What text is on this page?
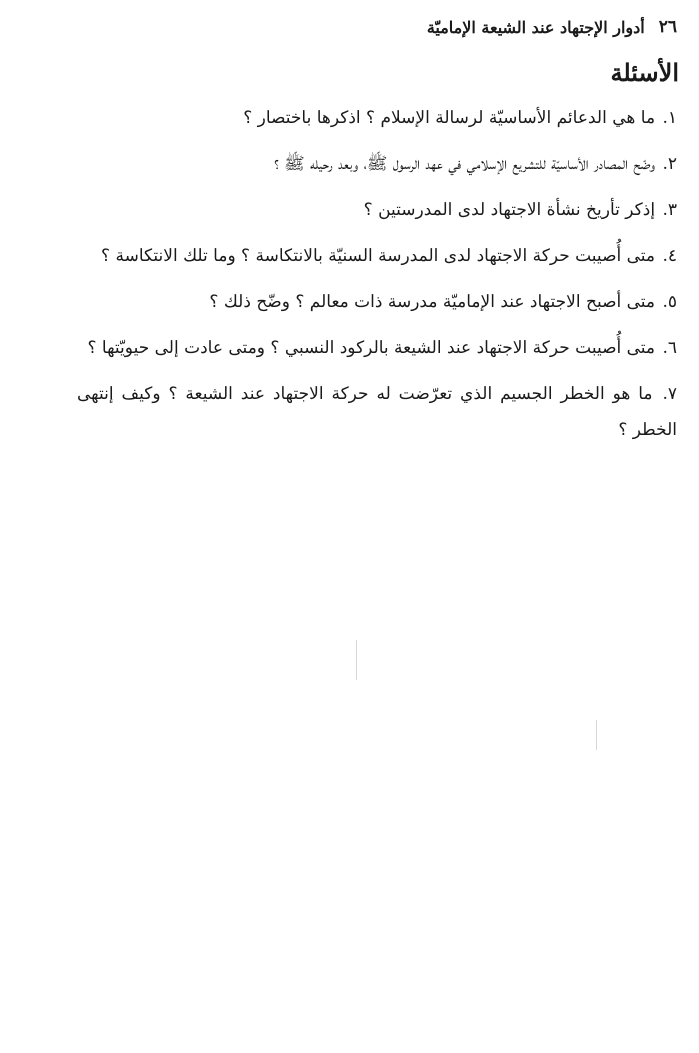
٢٦
أدوار الإجتهاد عند الشيعة الإماميّة
الأسئلة
١. ما هي الدعائم الأساسيّة لرسالة الإسلام ؟ اذكرها باختصار ؟
٢. وضّح المصادر الأساسيّة للتشريع الإسلامي في عهد الرسول ﷺ، وبعد رحيله ﷺ ؟
٣. إذكر تأريخ نشأة الاجتهاد لدى المدرستين ؟
٤. متى أُصيبت حركة الاجتهاد لدى المدرسة السنيّة بالانتكاسة ؟ وما تلك الانتكاسة ؟
٥. متى أصبح الاجتهاد عند الإماميّة مدرسة ذات معالم ؟ وضّح ذلك ؟
٦. متى أُصيبت حركة الاجتهاد عند الشيعة بالركود النسبي ؟ ومتى عادت إلى حيويّتها ؟
٧. ما هو الخطر الجسيم الذي تعرّضت له حركة الاجتهاد عند الشيعة ؟ وكيف إنتهى الخطر ؟
